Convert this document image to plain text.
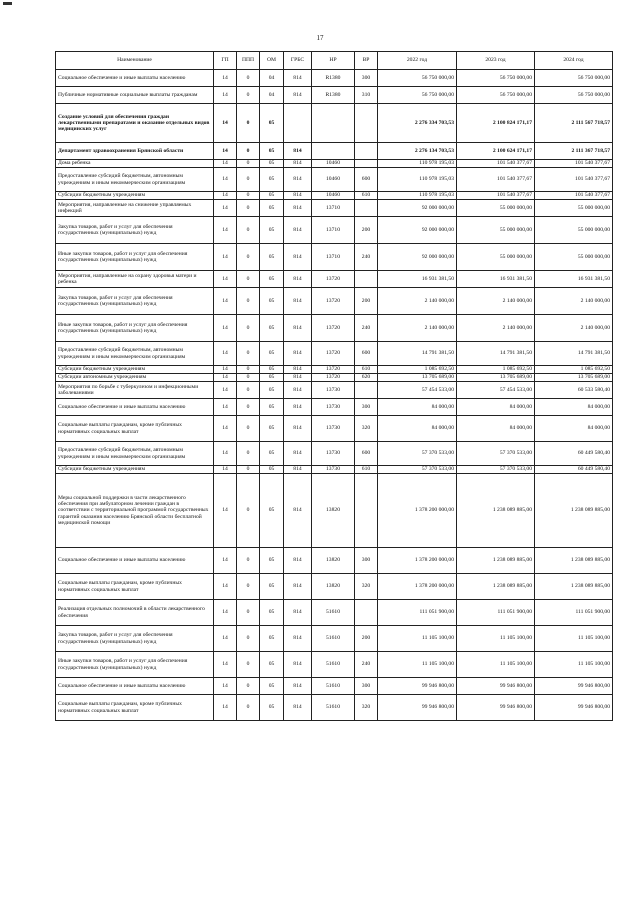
17
Наименование	ГП	ППП	ОМ	ГРБС	НР	ВР	2022 год	2023 год	2024 год
Социальное обеспечение и иные выплаты населению	14	0	04	814	R1380	300	56 750 000,00	56 750 000,00	56 750 000,00
Публичные нормативные социальные выплаты гражданам	14	0	04	814	R1380	310	56 750 000,00	56 750 000,00	56 750 000,00
Создание условий для обеспечения граждан лекарственными препаратами и оказание отдельных видов медицинских услуг	14	0	05				2 276 334 703,53	2 100 824 171,17	2 111 567 718,57
Департамент здравоохранения Брянской области	14	0	05	814			2 276 134 703,53	2 100 624 171,17	2 111 367 718,57
Дома ребенка	14	0	05	814	10460		110 978 195,03	101 540 377,67	101 540 377,67
Предоставление субсидий бюджетным, автономным учреждениям и иным некоммерческим организациям	14	0	05	814	10460	600	110 978 195,03	101 540 377,67	101 540 377,67
Субсидии бюджетным учреждениям	14	0	05	814	10460	610	110 978 195,03	101 540 377,67	101 540 377,67
Мероприятия, направленные на снижение управляемых инфекций	14	0	05	814	13710		92 000 000,00	55 000 000,00	55 000 000,00
Закупка товаров, работ и услуг для обеспечения государственных (муниципальных) нужд	14	0	05	814	13710	200	92 000 000,00	55 000 000,00	55 000 000,00
Иные закупки товаров, работ и услуг для обеспечения государственных (муниципальных) нужд	14	0	05	814	13710	240	92 000 000,00	55 000 000,00	55 000 000,00
Мероприятия, направленные на охрану здоровья матери и ребенка	14	0	05	814	13720		16 931 381,50	16 931 381,50	16 931 381,50
Закупка товаров, работ и услуг для обеспечения государственных (муниципальных) нужд	14	0	05	814	13720	200	2 140 000,00	2 140 000,00	2 140 000,00
Иные закупки товаров, работ и услуг для обеспечения государственных (муниципальных) нужд	14	0	05	814	13720	240	2 140 000,00	2 140 000,00	2 140 000,00
Предоставление субсидий бюджетным, автономным учреждениям и иным некоммерческим организациям	14	0	05	814	13720	600	14 791 381,50	14 791 381,50	14 791 381,50
Субсидии бюджетным учреждениям	14	0	05	814	13720	610	1 085 692,50	1 085 692,50	1 085 692,50
Субсидии автономным учреждениям	14	0	05	814	13720	620	13 705 689,00	13 705 689,00	13 705 689,00
Мероприятия по борьбе с туберкулезом и инфекционными заболеваниями	14	0	05	814	13730		57 454 533,00	57 454 533,00	60 533 580,40
Социальное обеспечение и иные выплаты населению	14	0	05	814	13730	300	84 000,00	84 000,00	84 000,00
Социальные выплаты гражданам, кроме публичных нормативных социальных выплат	14	0	05	814	13730	320	84 000,00	84 000,00	84 000,00
Предоставление субсидий бюджетным, автономным учреждениям и иным некоммерческим организациям	14	0	05	814	13730	600	57 370 533,00	57 370 533,00	60 449 580,40
Субсидии бюджетным учреждениям	14	0	05	814	13730	610	57 370 533,00	57 370 533,00	60 449 580,40
Меры социальной поддержки в части лекарственного обеспечения при амбулаторном лечении граждан в соответствии с территориальной программой государственных гарантий оказания населению Брянской области бесплатной медицинской помощи	14	0	05	814	13820		1 378 200 000,00	1 238 089 885,00	1 238 089 885,00
Социальное обеспечение и иные выплаты населению	14	0	05	814	13820	300	1 378 200 000,00	1 238 089 885,00	1 238 089 885,00
Социальные выплаты гражданам, кроме публичных нормативных социальных выплат	14	0	05	814	13820	320	1 378 200 000,00	1 238 089 885,00	1 238 089 885,00
Реализация отдельных полномочий в области лекарственного обеспечения	14	0	05	814	51610		111 051 900,00	111 051 900,00	111 051 900,00
Закупка товаров, работ и услуг для обеспечения государственных (муниципальных) нужд	14	0	05	814	51610	200	11 105 100,00	11 105 100,00	11 105 100,00
Иные закупки товаров, работ и услуг для обеспечения государственных (муниципальных) нужд	14	0	05	814	51610	240	11 105 100,00	11 105 100,00	11 105 100,00
Социальное обеспечение и иные выплаты населению	14	0	05	814	51610	300	99 946 800,00	99 946 800,00	99 946 800,00
Социальные выплаты гражданам, кроме публичных нормативных социальных выплат	14	0	05	814	51610	320	99 946 800,00	99 946 800,00	99 946 800,00
